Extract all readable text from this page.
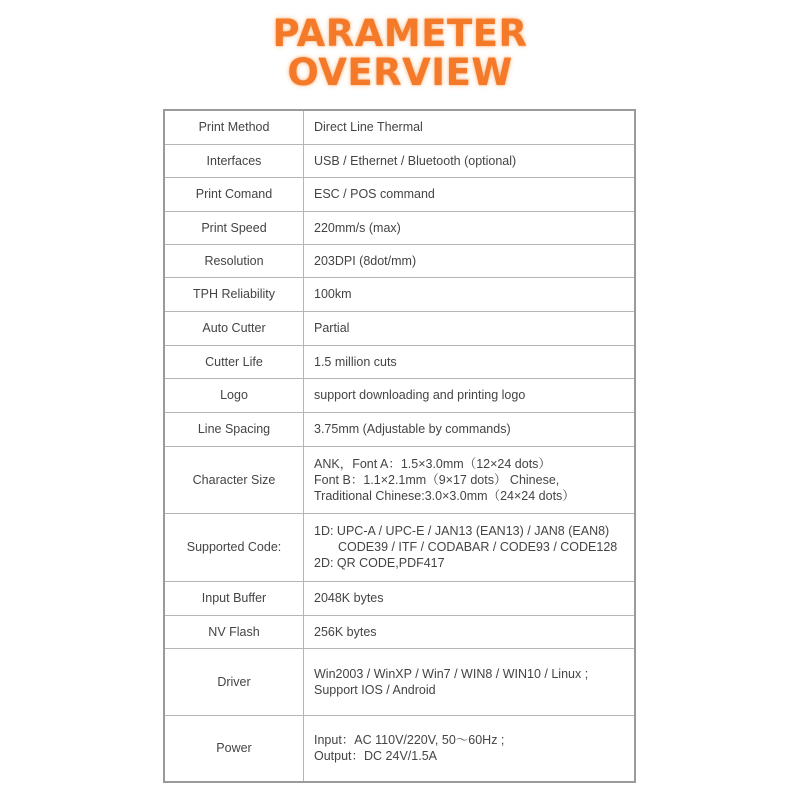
PARAMETER
OVERVIEW
Print Method	Direct Line Thermal

Interfaces	USB / Ethernet / Bluetooth (optional)

Print Comand	ESC / POS command

Print Speed	220mm/s (max)

Resolution	203DPI (8dot/mm)

TPH Reliability	100km

Auto Cutter	Partial

Cutter Life	1.5 million cuts

Logo	support downloading and printing logo

Line Spacing	3.75mm (Adjustable by commands)

Character Size	ANK，Font A：1.5×3.0mm（12×24 dots）
Font B：1.1×2.1mm（9×17 dots） Chinese,
Traditional Chinese:3.0×3.0mm（24×24 dots）

Supported Code:	1D: UPC-A / UPC-E / JAN13 (EAN13) / JAN8 (EAN8)
CODE39 / ITF / CODABAR / CODE93 / CODE128
2D: QR CODE,PDF417

Input Buffer	2048K bytes

NV Flash	256K bytes

Driver	Win2003 / WinXP / Win7 / WIN8 / WIN10 / Linux ;
Support IOS / Android

Power	Input：AC 110V/220V, 50〜60Hz ;
Output：DC 24V/1.5A
